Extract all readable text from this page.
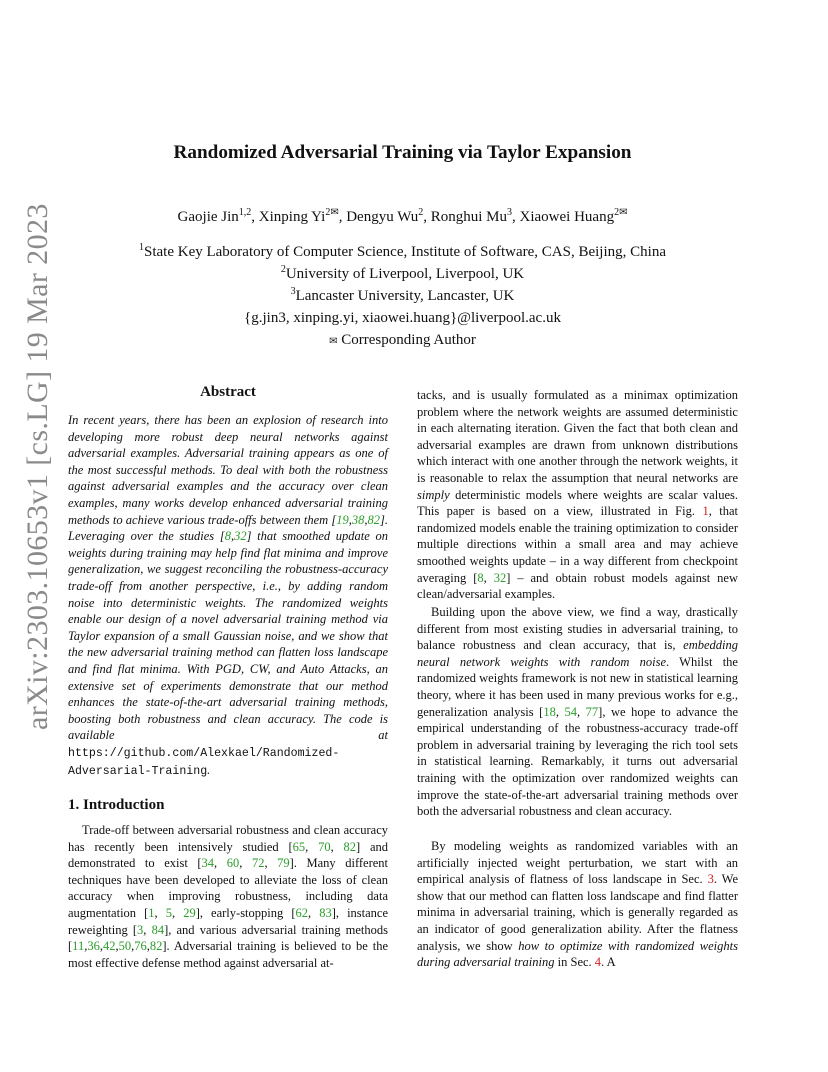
arXiv:2303.10653v1 [cs.LG] 19 Mar 2023
Randomized Adversarial Training via Taylor Expansion
Gaojie Jin$^{1,2}$, Xinping $Yi^{2✉}$, Dengyu Wu$^2$, Ronghui Mu$^3$, Xiaowei Huang$^{2✉}$
$^1$State Key Laboratory of Computer Science, Institute of Software, CAS, Beijing, China
$^2$University of Liverpool, Liverpool, UK
$^3$Lancaster University, Lancaster, UK
{g.jin3, xinping.yi, xiaowei.huang}@liverpool.ac.uk
✉ Corresponding Author
Abstract

In recent years, there has been an explosion of research into developing more robust deep neural networks against adversarial examples. Adversarial training appears as one of the most successful methods. To deal with both the robustness against adversarial examples and the accuracy over clean examples, many works develop enhanced adversarial training methods to achieve various trade-offs between them [19,38,82]. Leveraging over the studies [8,32] that smoothed update on weights during training may help find flat minima and improve generalization, we suggest reconciling the robustness-accuracy trade-off from another perspective, i.e., by adding random noise into deterministic weights. The randomized weights enable our design of a novel adversarial training method via Taylor expansion of a small Gaussian noise, and we show that the new adversarial training method can flatten loss landscape and find flat minima. With PGD, CW, and Auto Attacks, an extensive set of experiments demonstrate that our method enhances the state-of-the-art adversarial training methods, boosting both robustness and clean accuracy. The code is available at https://github.com/Alexkael/Randomized-Adversarial-Training.

1. Introduction

Trade-off between adversarial robustness and clean accuracy has recently been intensively studied [65, 70, 82] and demonstrated to exist [34, 60, 72, 79]. Many different techniques have been developed to alleviate the loss of clean accuracy when improving robustness, including data augmentation [1, 5, 29], early-stopping [62, 83], instance reweighting [3, 84], and various adversarial training methods [11,36,42,50,76,82]. Adversarial training is believed to be the most effective defense method against adversarial at-

tacks, and is usually formulated as a minimax optimization problem where the network weights are assumed deterministic in each alternating iteration. Given the fact that both clean and adversarial examples are drawn from unknown distributions which interact with one another through the network weights, it is reasonable to relax the assumption that neural networks are simply deterministic models where weights are scalar values. This paper is based on a view, illustrated in Fig. 1, that randomized models enable the training optimization to consider multiple directions within a small area and may achieve smoothed weights update – in a way different from checkpoint averaging [8, 32] – and obtain robust models against new clean/adversarial examples.

Building upon the above view, we find a way, drastically different from most existing studies in adversarial training, to balance robustness and clean accuracy, that is, embedding neural network weights with random noise. Whilst the randomized weights framework is not new in statistical learning theory, where it has been used in many previous works for e.g., generalization analysis [18, 54, 77], we hope to advance the empirical understanding of the robustness-accuracy trade-off problem in adversarial training by leveraging the rich tool sets in statistical learning. Remarkably, it turns out adversarial training with the optimization over randomized weights can improve the state-of-the-art adversarial training methods over both the adversarial robustness and clean accuracy.

By modeling weights as randomized variables with an artificially injected weight perturbation, we start with an empirical analysis of flatness of loss landscape in Sec. 3. We show that our method can flatten loss landscape and find flatter minima in adversarial training, which is generally regarded as an indicator of good generalization ability. After the flatness analysis, we show how to optimize with randomized weights during adversarial training in Sec. 4. A
